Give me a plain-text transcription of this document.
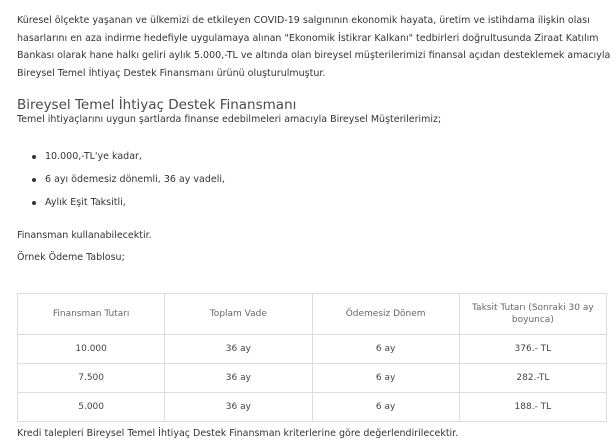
Küresel ölçekte yaşanan ve ülkemizi de etkileyen COVID-19 salgınının ekonomik hayata, üretim ve istihdama ilişkin olası
hasarlarını en aza indirme hedefiyle uygulamaya alınan "Ekonomik İstikrar Kalkanı" tedbirleri doğrultusunda Ziraat Katılım
Bankası olarak hane halkı geliri aylık 5.000,-TL ve altında olan bireysel müşterilerimizi finansal açıdan desteklemek amacıyla
Bireysel Temel İhtiyaç Destek Finansmanı ürünü oluşturulmuştur.

Bireysel Temel İhtiyaç Destek Finansmanı

Temel ihtiyaçlarını uygun şartlarda finanse edebilmeleri amacıyla Bireysel Müşterilerimiz;

10.000,-TL'ye kadar,
6 ayı ödemesiz dönemli, 36 ay vadeli,
Aylık Eşit Taksitli,

Finansman kullanabilecektir.

Örnek Ödeme Tablosu;

Finansman Tutarı	Toplam Vade	Ödemesiz Dönem	Taksit Tutarı (Sonraki 30 ay
boyunca)
10.000	36 ay	6 ay	376.- TL
7.500	36 ay	6 ay	282.-TL
5.000	36 ay	6 ay	188.- TL

Kredi talepleri Bireysel Temel İhtiyaç Destek Finansman kriterlerine göre değerlendirilecektir.
